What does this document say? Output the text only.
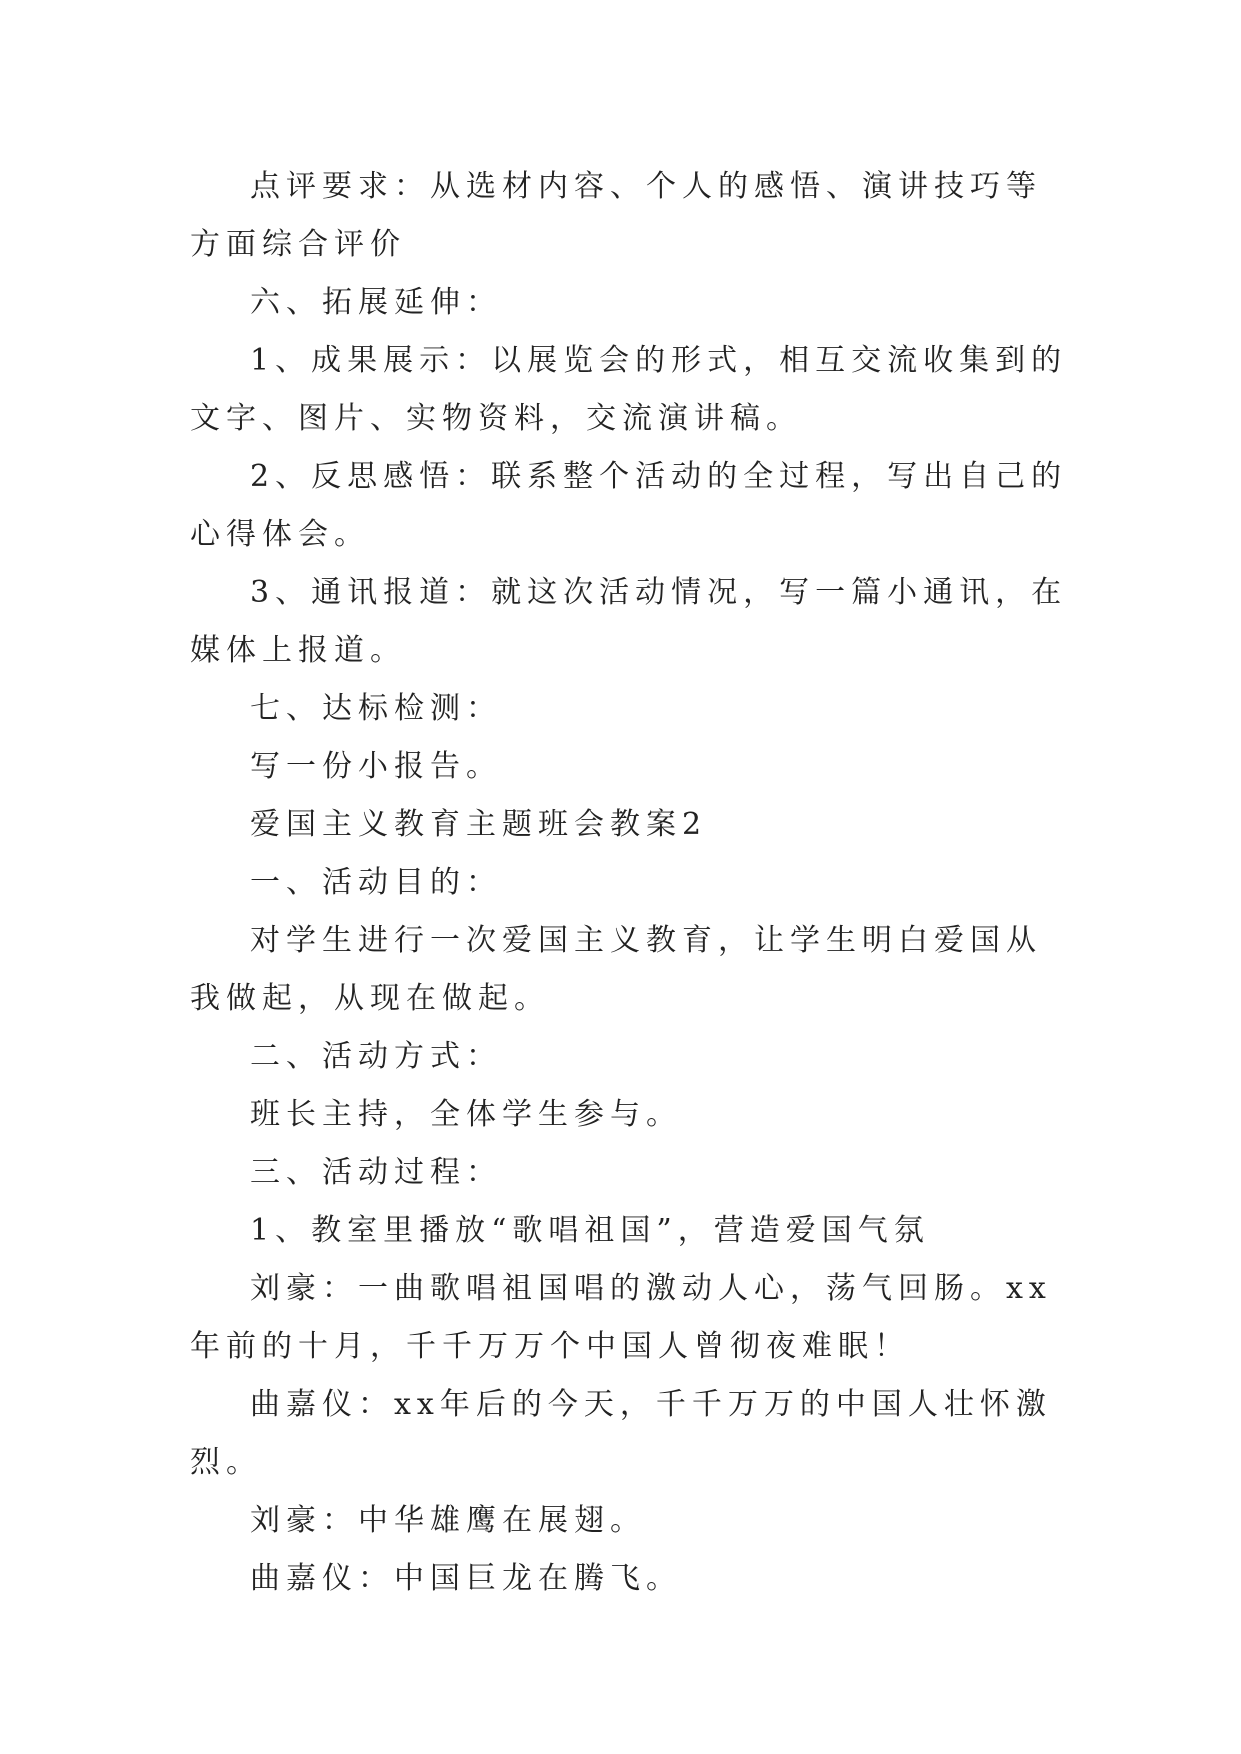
点评要求：从选材内容、个人的感悟、演讲技巧等方面综合评价

六、拓展延伸：

1、成果展示：以展览会的形式，相互交流收集到的文字、图片、实物资料，交流演讲稿。

2、反思感悟：联系整个活动的全过程，写出自己的心得体会。

3、通讯报道：就这次活动情况，写一篇小通讯，在媒体上报道。

七、达标检测：

写一份小报告。

爱国主义教育主题班会教案2

一、活动目的：

对学生进行一次爱国主义教育，让学生明白爱国从我做起，从现在做起。

二、活动方式：

班长主持，全体学生参与。

三、活动过程：

1、教室里播放“歌唱祖国”，营造爱国气氛

刘豪：一曲歌唱祖国唱的激动人心，荡气回肠。xx年前的十月，千千万万个中国人曾彻夜难眠！

曲嘉仪：xx年后的今天，千千万万的中国人壮怀激烈。

刘豪：中华雄鹰在展翅。

曲嘉仪：中国巨龙在腾飞。
